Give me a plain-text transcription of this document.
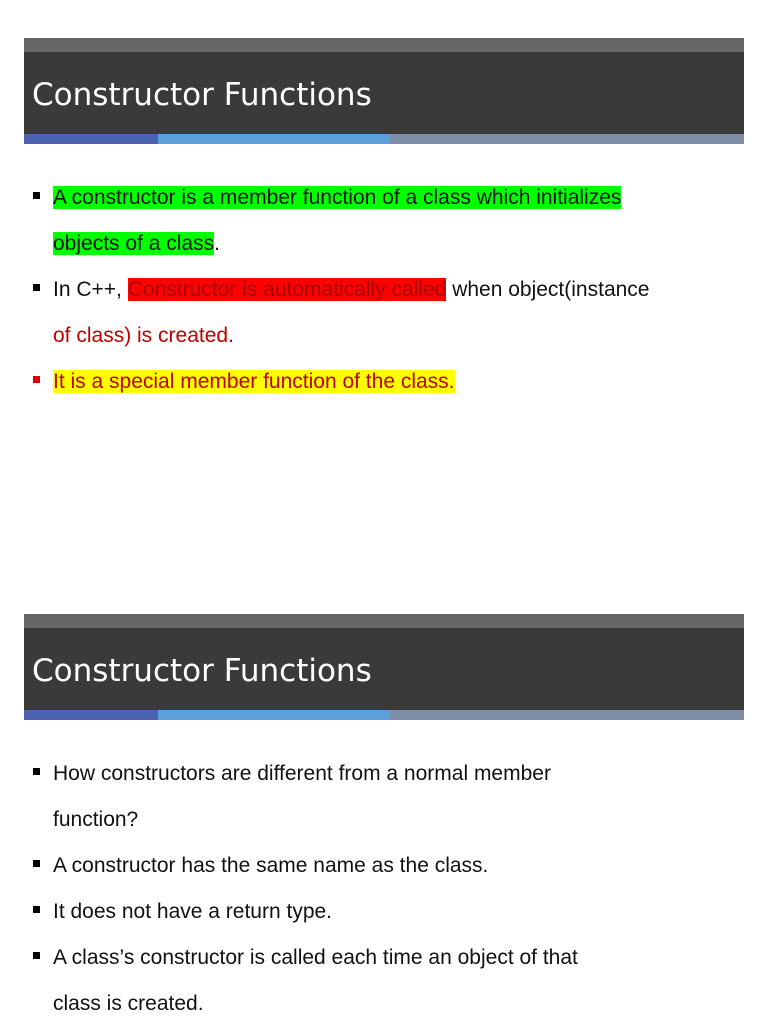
Constructor Functions
A constructor is a member function of a class which initializes
objects of a class.
In C++, Constructor is automatically called when object(instance
of class) is created.
It is a special member function of the class.
Constructor Functions
How constructors are different from a normal member
function?
A constructor has the same name as the class.
It does not have a return type.
A class’s constructor is called each time an object of that
class is created.
